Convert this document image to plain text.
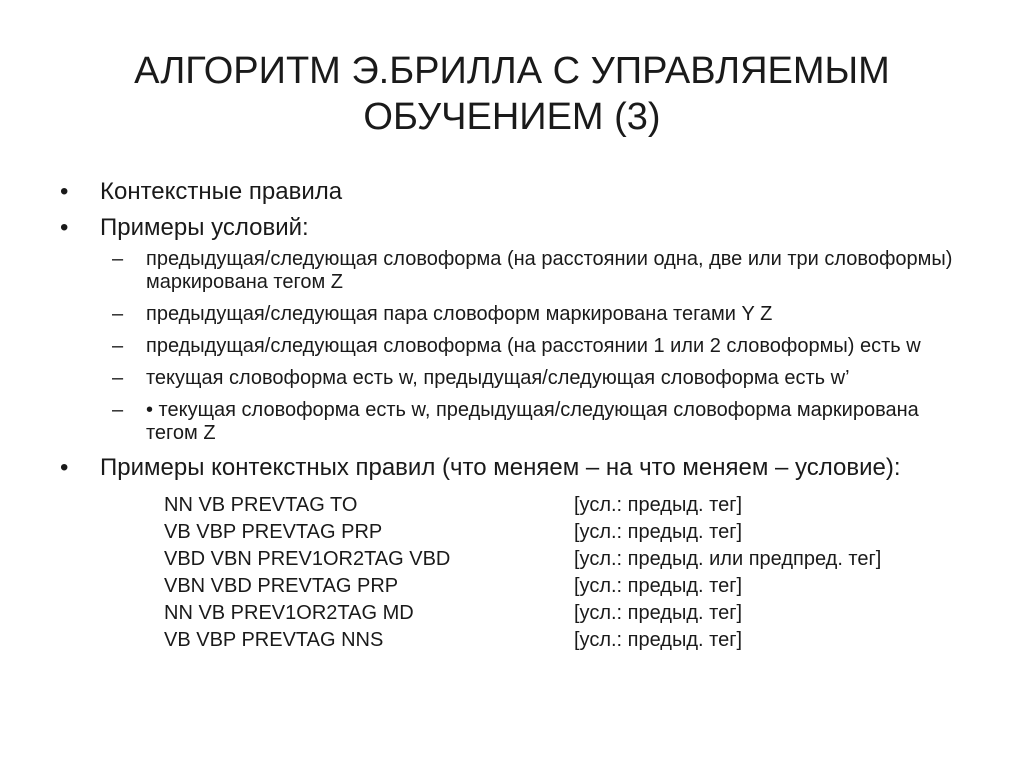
АЛГОРИТМ Э.БРИЛЛА С УПРАВЛЯЕМЫМ
ОБУЧЕНИЕМ (3)
• Контекстные правила
• Примеры условий:
– предыдущая/следующая словоформа (на расстоянии одна, две или три словоформы) маркирована тегом Z
– предыдущая/следующая пара словоформ маркирована тегами Y Z
– предыдущая/следующая словоформа (на расстоянии 1 или 2 словоформы) есть w
– текущая словоформа есть w, предыдущая/следующая словоформа есть w’
– • текущая словоформа есть w, предыдущая/следующая словоформа маркирована тегом Z
• Примеры контекстных правил (что меняем – на что меняем – условие):
NN VB PREVTAG TO	[усл.: предыд. тег]
VB VBP PREVTAG PRP	[усл.: предыд. тег]
VBD VBN PREV1OR2TAG VBD	[усл.: предыд. или предпред. тег]
VBN VBD PREVTAG PRP	[усл.: предыд. тег]
NN VB PREV1OR2TAG MD	[усл.: предыд. тег]
VB VBP PREVTAG NNS	[усл.: предыд. тег]
